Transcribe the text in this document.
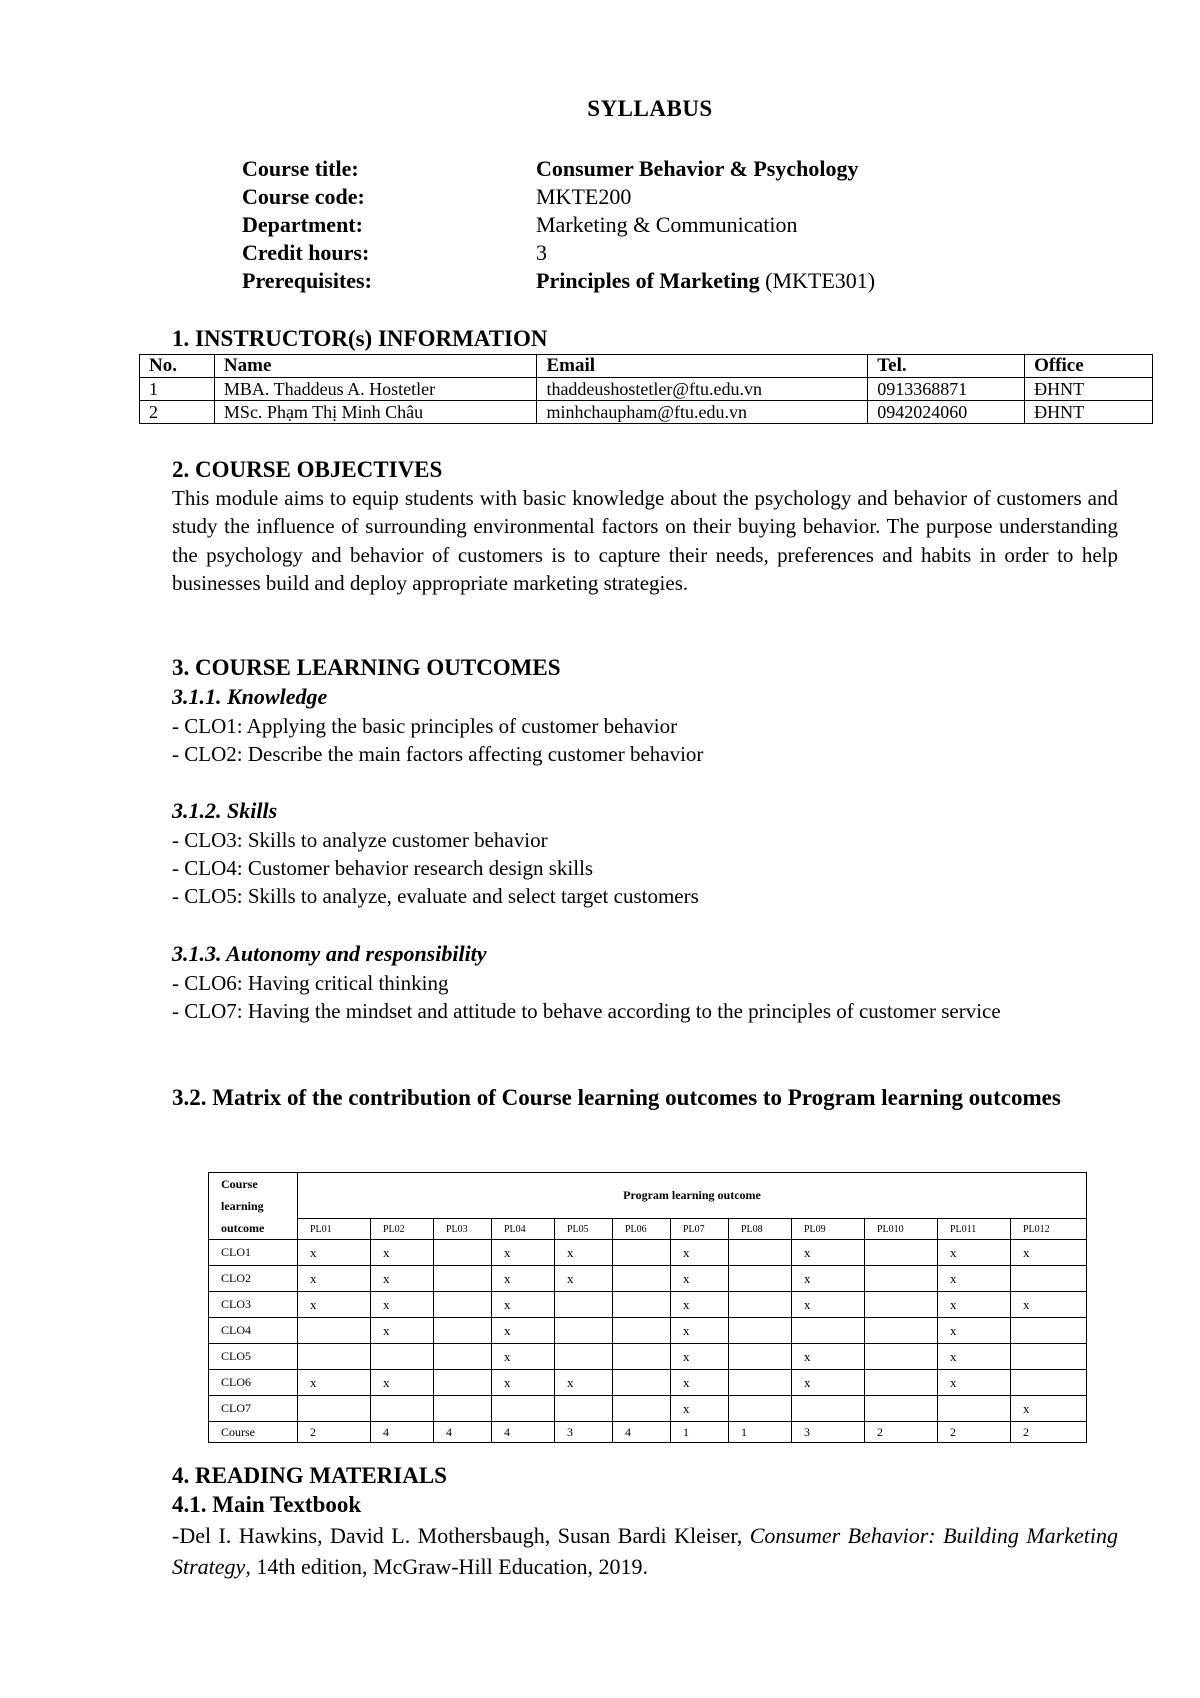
SYLLABUS
Course title:	Consumer Behavior & Psychology
Course code:	MKTE200
Department:	Marketing & Communication
Credit hours:	3
Prerequisites:	Principles of Marketing (MKTE301)
1. INSTRUCTOR(s) INFORMATION
No.	Name	Email	Tel.	Office
1	MBA. Thaddeus A. Hostetler	thaddeushostetler@ftu.edu.vn	0913368871	ĐHNT
2	MSc. Phạm Thị Minh Châu	minhchaupham@ftu.edu.vn	0942024060	ĐHNT
2. COURSE OBJECTIVES
This module aims to equip students with basic knowledge about the psychology and behavior of customers and study the influence of surrounding environmental factors on their buying behavior. The purpose understanding the psychology and behavior of customers is to capture their needs, preferences and habits in order to help businesses build and deploy appropriate marketing strategies.
3. COURSE LEARNING OUTCOMES
3.1.1. Knowledge
- CLO1: Applying the basic principles of customer behavior
- CLO2: Describe the main factors affecting customer behavior
3.1.2. Skills
- CLO3: Skills to analyze customer behavior
- CLO4: Customer behavior research design skills
- CLO5: Skills to analyze, evaluate and select target customers
3.1.3. Autonomy and responsibility
- CLO6: Having critical thinking
- CLO7: Having the mindset and attitude to behave according to the principles of customer service
3.2. Matrix of the contribution of Course learning outcomes to Program learning outcomes
Course learning outcome	Program learning outcome											
	PL01	PL02	PL03	PL04	PL05	PL06	PL07	PL08	PL09	PL010	PL011	PL012
CLO1	x	x		x	x		x		x		x	x
CLO2	x	x		x	x		x		x		x	
CLO3	x	x		x			x		x		x	x
CLO4		x		x			x				x	
CLO5				x			x		x		x	
CLO6	x	x		x	x		x		x		x	
CLO7							x					x
Course	2	4	4	4	3	4	1	1	3	2	2	2
4. READING MATERIALS
4.1. Main Textbook
-Del I. Hawkins, David L. Mothersbaugh, Susan Bardi Kleiser, Consumer Behavior: Building Marketing Strategy, 14th edition, McGraw-Hill Education, 2019.
